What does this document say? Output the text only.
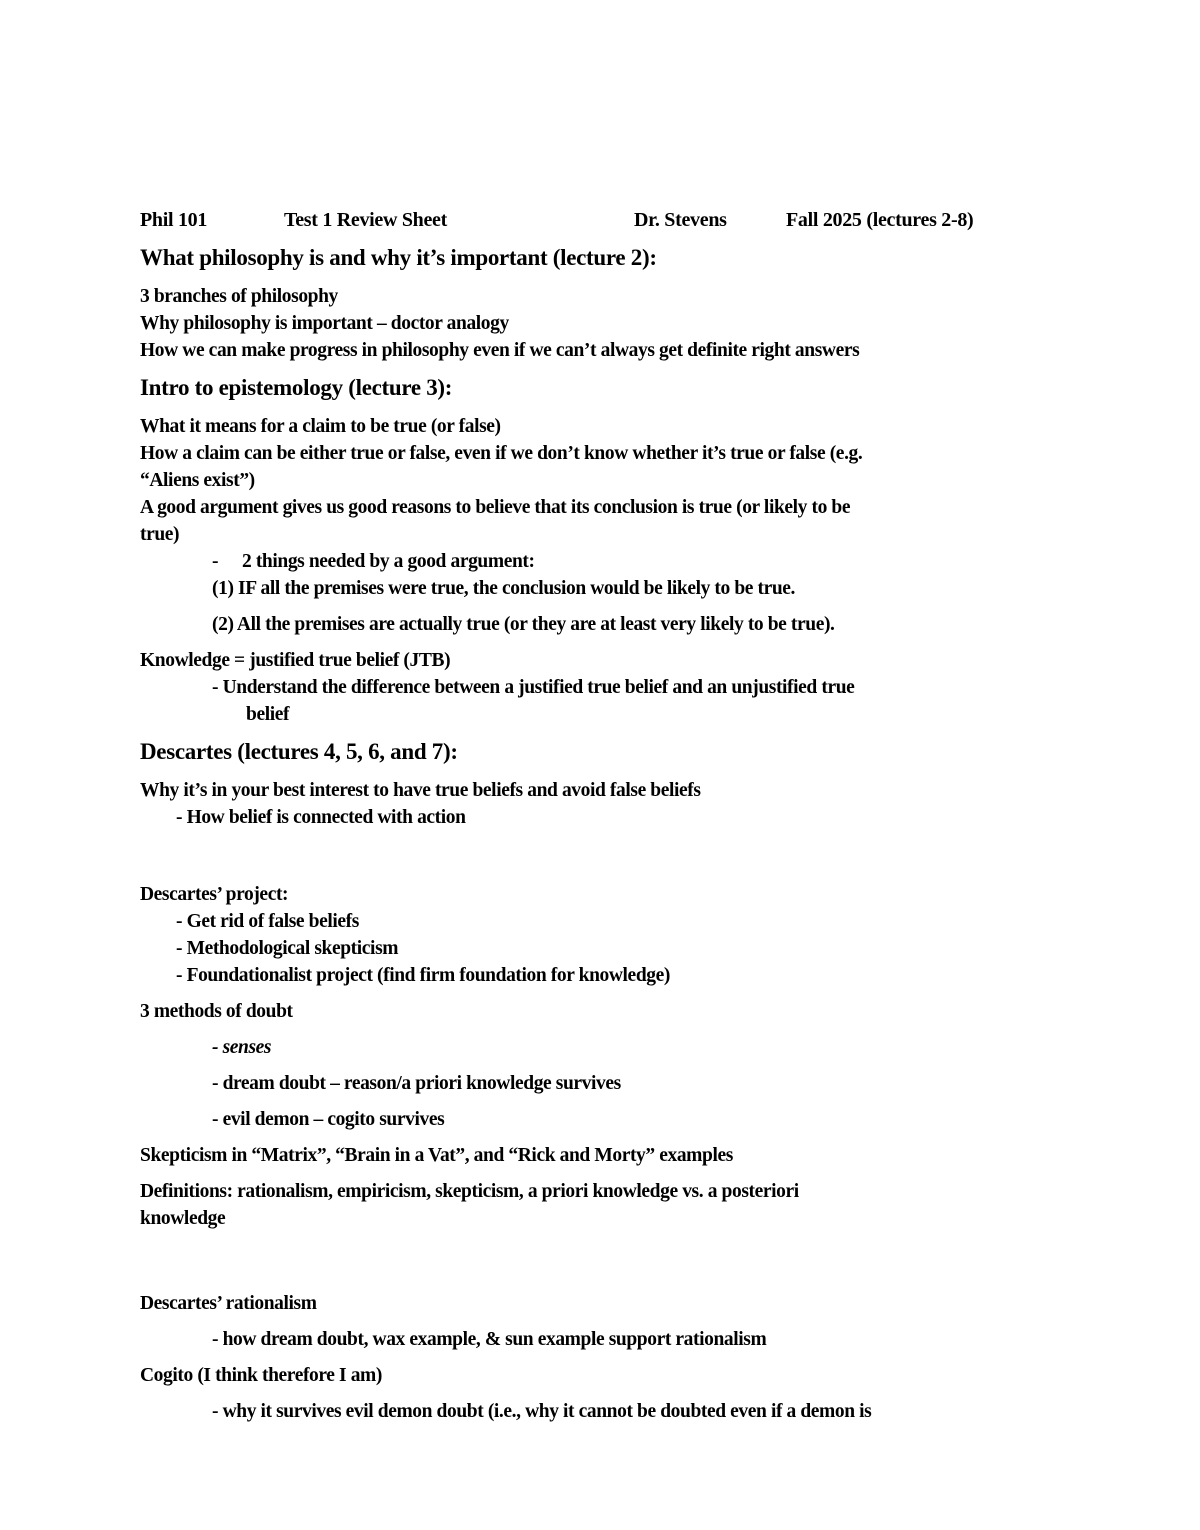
Phil 101	Test 1 Review Sheet	Dr. Stevens	Fall 2025 (lectures 2-8)
What philosophy is and why it’s important (lecture 2):
3 branches of philosophy
Why philosophy is important – doctor analogy
How we can make progress in philosophy even if we can’t always get definite right answers
Intro to epistemology (lecture 3):
What it means for a claim to be true (or false)
How a claim can be either true or false, even if we don’t know whether it’s true or false (e.g.
“Aliens exist”)
A good argument gives us good reasons to believe that its conclusion is true (or likely to be
true)
-	2 things needed by a good argument:
(1) IF all the premises were true, the conclusion would be likely to be true.
(2) All the premises are actually true (or they are at least very likely to be true).
Knowledge = justified true belief (JTB)
- Understand the difference between a justified true belief and an unjustified true
belief
Descartes (lectures 4, 5, 6, and 7):
Why it’s in your best interest to have true beliefs and avoid false beliefs
- How belief is connected with action
Descartes’ project:
- Get rid of false beliefs
- Methodological skepticism
- Foundationalist project (find firm foundation for knowledge)
3 methods of doubt
- senses
- dream doubt – reason/a priori knowledge survives
- evil demon – cogito survives
Skepticism in “Matrix”, “Brain in a Vat”, and “Rick and Morty” examples
Definitions: rationalism, empiricism, skepticism, a priori knowledge vs. a posteriori
knowledge
Descartes’ rationalism
- how dream doubt, wax example, & sun example support rationalism
Cogito (I think therefore I am)
- why it survives evil demon doubt (i.e., why it cannot be doubted even if a demon is
